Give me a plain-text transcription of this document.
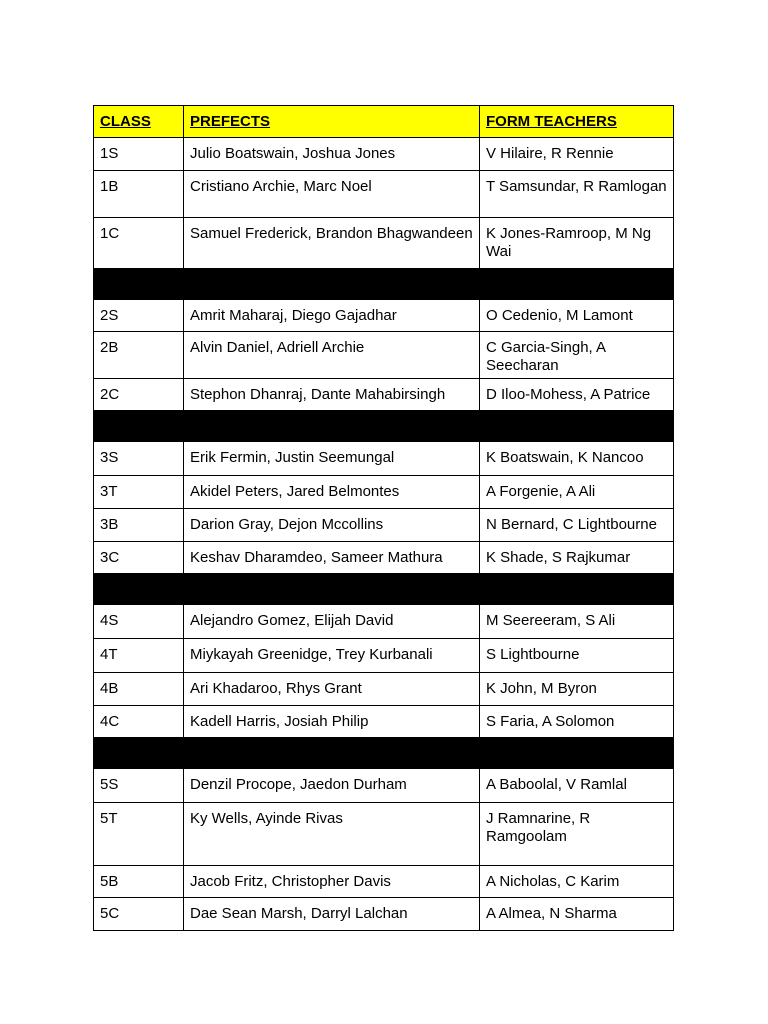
CLASS	PREFECTS	FORM TEACHERS

1S	Julio Boatswain, Joshua Jones	V Hilaire, R Rennie

1B	Cristiano Archie, Marc Noel	T Samsundar, R Ramlogan

1C	Samuel Frederick, Brandon Bhagwandeen	K Jones-Ramroop, M Ng Wai

2S	Amrit Maharaj, Diego Gajadhar	O Cedenio, M Lamont

2B	Alvin Daniel, Adriell Archie	C Garcia-Singh, A Seecharan

2C	Stephon Dhanraj, Dante Mahabirsingh	D Iloo-Mohess, A Patrice

3S	Erik Fermin, Justin Seemungal	K Boatswain, K Nancoo

3T	Akidel Peters, Jared Belmontes	A Forgenie, A Ali

3B	Darion Gray, Dejon Mccollins	N Bernard, C Lightbourne

3C	Keshav Dharamdeo, Sameer Mathura	K Shade, S Rajkumar

4S	Alejandro Gomez, Elijah David	M Seereeram, S Ali

4T	Miykayah Greenidge, Trey Kurbanali	S Lightbourne

4B	Ari Khadaroo, Rhys Grant	K John, M Byron

4C	Kadell Harris, Josiah Philip	S Faria, A Solomon

5S	Denzil Procope, Jaedon Durham	A Baboolal, V Ramlal

5T	Ky Wells, Ayinde Rivas	J Ramnarine, R Ramgoolam

5B	Jacob Fritz, Christopher Davis	A Nicholas, C Karim

5C	Dae Sean Marsh, Darryl Lalchan	A Almea, N Sharma
